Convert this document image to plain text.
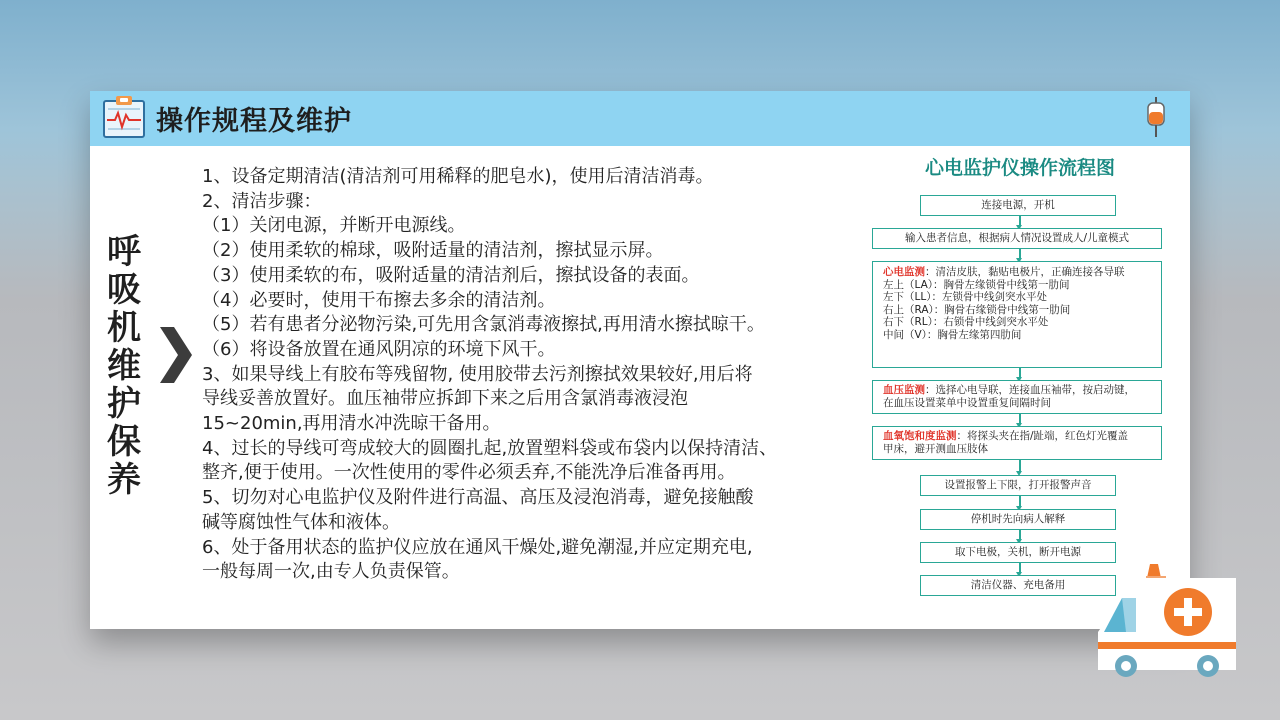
操作规程及维护
呼
吸
机
维
护
保
养

1、设备定期清洁(清洁剂可用稀释的肥皂水)，使用后清洁消毒。

2、清洁步骤：

（1）关闭电源，并断开电源线。

（2）使用柔软的棉球，吸附适量的清洁剂，擦拭显示屏。

（3）使用柔软的布，吸附适量的清洁剂后，擦拭设备的表面。

（4）必要时，使用干布擦去多余的清洁剂。

（5）若有患者分泌物污染,可先用含氯消毒液擦拭,再用清水擦拭晾干。

（6）将设备放置在通风阴凉的环境下风干。

3、如果导线上有胶布等残留物, 使用胶带去污剂擦拭效果较好,用后将

导线妥善放置好。血压袖带应拆卸下来之后用含氯消毒液浸泡

15~20min,再用清水冲洗晾干备用。

4、过长的导线可弯成较大的圆圈扎起,放置塑料袋或布袋内以保持清洁、

整齐,便于使用。一次性使用的零件必须丢弃,不能洗净后准备再用。

5、切勿对心电监护仪及附件进行高温、高压及浸泡消毒，避免接触酸

碱等腐蚀性气体和液体。

6、处于备用状态的监护仪应放在通风干燥处,避免潮湿,并应定期充电,

一般每周一次,由专人负责保管。

心电监护仪操作流程图
连接电源，开机
输入患者信息，根据病人情况设置成人/儿童模式
心电监测：清洁皮肤，黏贴电极片，正确连接各导联
左上（LA）：胸骨左缘锁骨中线第一肋间
左下（LL）：左锁骨中线剑突水平处
右上（RA）：胸骨右缘锁骨中线第一肋间
右下（RL）：右锁骨中线剑突水平处
中间（V）：胸骨左缘第四肋间
血压监测：选择心电导联，连接血压袖带，按启动键，
在血压设置菜单中设置重复间隔时间
血氧饱和度监测：将探头夹在指/趾端，红色灯光覆盖
甲床，避开测血压肢体
设置报警上下限，打开报警声音
停机时先向病人解释
取下电极，关机，断开电源
清洁仪器、充电备用
